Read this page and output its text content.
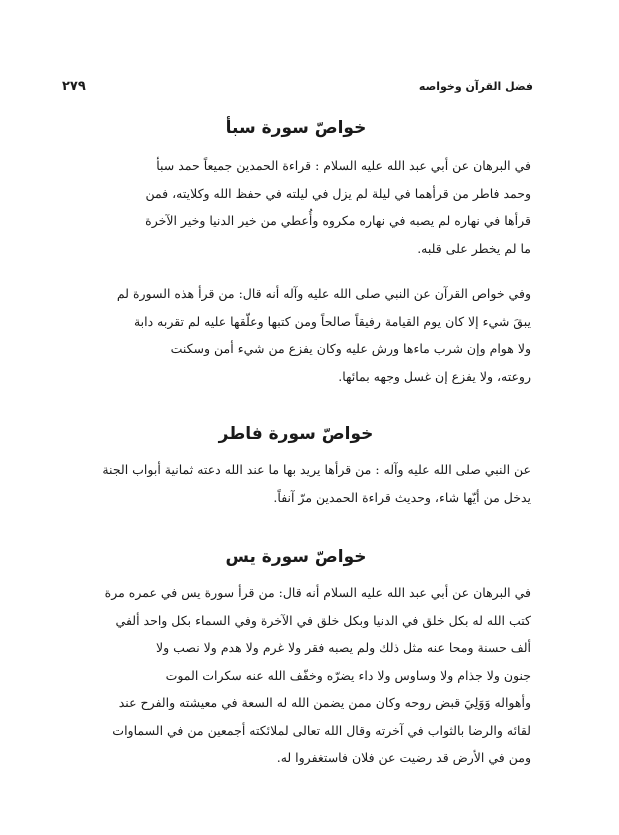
فضل القرآن وخواصه
٢٧٩
خواصّ سورة سبأ

في البرهان عن أبي عبد الله عليه السلام : قراءة الحمدين جميعاً حمد سبأ
وحمد فاطر من قرأهما في ليلة لم يزل في ليلته في حفظ الله وكلايته، فمن
قرأها في نهاره لم يصبه في نهاره مكروه وأُعطي من خير الدنيا وخير الآخرة
ما لم يخطر على قلبه.

وفي خواص القرآن عن النبي صلى الله عليه وآله أنه قال: من قرأ هذه السورة لم
يبقَ شيء إلا كان يوم القيامة رفيقاً صالحاً ومن كتبها وعلّقها عليه لم تقربه دابة
ولا هوام وإن شرب ماءها ورش عليه وكان يفزع من شيء أمن وسكنت
روعته، ولا يفزع إن غسل وجهه بمائها.

خواصّ سورة فاطر

عن النبي صلى الله عليه وآله : من قرأها يريد بها ما عند الله دعته ثمانية أبواب الجنة
يدخل من أيّها شاء، وحديث قراءة الحمدين مرّ آنفاً.

خواصّ سورة يس

في البرهان عن أبي عبد الله عليه السلام أنه قال: من قرأ سورة يس في عمره مرة
كتب الله له بكل خلق في الدنيا وبكل خلق في الآخرة وفي السماء بكل واحد ألفي
ألف حسنة ومحا عنه مثل ذلك ولم يصبه فقر ولا غرم ولا هدم ولا نصب ولا
جنون ولا جذام ولا وساوس ولا داء يضرّه وخفّف الله عنه سكرات الموت
وأهواله وَوَلِيَ قبض روحه وكان ممن يضمن الله له السعة في معيشته والفرح عند
لقائه والرضا بالثواب في آخرته وقال الله تعالى لملائكته أجمعين من في السماوات
ومن في الأرض قد رضيت عن فلان فاستغفروا له.
